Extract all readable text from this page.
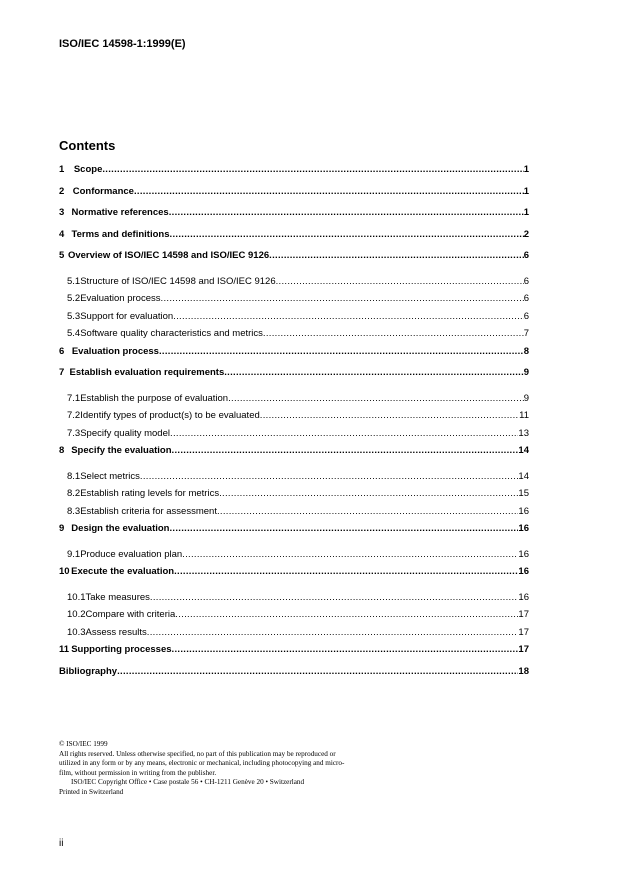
ISO/IEC 14598-1:1999(E)
Contents
1	Scope .....	1
2 Conformance .....	1
3 Normative references .....	1
4 Terms and definitions .....	2
5 Overview of ISO/IEC 14598 and ISO/IEC 9126 .....	6
5.1 Structure of ISO/IEC 14598 and ISO/IEC 9126 .....	6
5.2 Evaluation process .....	6
5.3 Support for evaluation .....	6
5.4 Software quality characteristics and metrics .....	7
6 Evaluation process .....	8
7 Establish evaluation requirements .....	9
7.1 Establish the purpose of evaluation .....	9
7.2 Identify types of product(s) to be evaluated .....	11
7.3 Specify quality model .....	13
8 Specify the evaluation .....	14
8.1 Select metrics .....	14
8.2 Establish rating levels for metrics .....	15
8.3 Establish criteria for assessment .....	16
9 Design the evaluation .....	16
9.1 Produce evaluation plan .....	16
10 Execute the evaluation .....	16
10.1 Take measures .....	16
10.2 Compare with criteria .....	17
10.3 Assess results .....	17
11 Supporting processes .....	17
Bibliography .....	18
© ISO/IEC 1999
All rights reserved. Unless otherwise specified, no part of this publication may be reproduced or
utilized in any form or by any means, electronic or mechanical, including photocopying and micro-
film, without permission in writing from the publisher.
ISO/IEC Copyright Office • Case postale 56 • CH-1211 Genève 20 • Switzerland
Printed in Switzerland
ii
